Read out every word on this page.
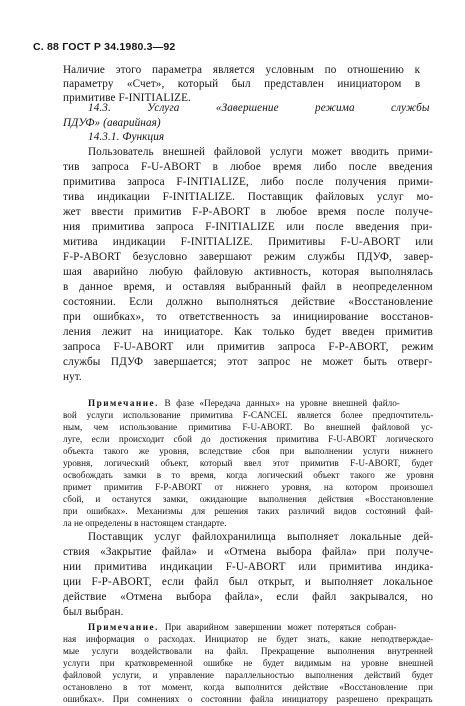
С. 88 ГОСТ Р 34.1980.3—92
Наличие этого параметра является условным по отношению к
параметру «Счет», который был представлен инициатором в
примитиве F-INITIALIZE.
14.3. Услуга «Завершение режима службы
ПДУФ» (аварийная)
14.3.1. Функция
Пользователь внешней файловой услуги может вводить прими-
тив запроса F-U-ABORT в любое время либо после введения
примитива запроса F-INITIALIZE, либо после получения прими-
тива индикации F-INITIALIZE. Поставщик файловых услуг мо-
жет ввести примитив F-P-ABORT в любое время после получе-
ния примитива запроса F-INITIALIZE или после введения при-
митива индикации F-INITIALIZE. Примитивы F-U-ABORT или
F-P-ABORT безусловно завершают режим службы ПДУФ, завер-
шая аварийно любую файловую активность, которая выполнялась
в данное время, и оставляя выбранный файл в неопределенном
состоянии. Если должно выполняться действие «Восстановление
при ошибках», то ответственность за инициирование восстанов-
ления лежит на инициаторе. Как только будет введен примитив
запроса F-U-ABORT или примитив запроса F-P-ABORT, режим
службы ПДУФ завершается; этот запрос не может быть отверг-
нут.
Примечание. В фазе «Передача данных» на уровне внешней файло-
вой услуги использование примитива F-CANCEL является более предпочтитель-
ным, чем использование примитива F-U-ABORT. Во внешней файловой ус-
луге, если происходит сбой до достижения примитива F-U-ABORT логического
объекта такого же уровня, вследствие сбоя при выполнении услуги нижнего
уровня, логический объект, который ввел этот примитив F-U-ABORT, будет
освобождать замки в то время, когда логический объект такого же уровня
примет примитив F-P-ABORT от нижнего уровня, на котором произошел
сбой, и останутся замки, ожидающие выполнения действия «Восстановление
при ошибках». Механизмы для решения таких различий видов состояний фай-
ла не определены в настоящем стандарте.
Поставщик услуг файлохранилища выполняет локальные дей-
ствия «Закрытие файла» и «Отмена выбора файла» при получе-
нии примитива индикации F-U-ABORT или примитива индика-
ции F-P-ABORT, если файл был открыт, и выполняет локальное
действие «Отмена выбора файла», если файл закрывался, но
был выбран.
Примечание. При аварийном завершении может потеряться собран-
ная информация о расходах. Инициатор не будет знать, какие неподтверждае-
мые услуги воздействовали на файл. Прекращение выполнения внутренней
услуги при кратковременной ошибке не будет видимым на уровне внешней
файловой услуги, и управление параллельностью выполнения действий будет
остановлено в тот момент, когда выполнится действие «Восстановление при
ошибках». При сомнениях о состоянии файла инициатору разрешено прекращать
